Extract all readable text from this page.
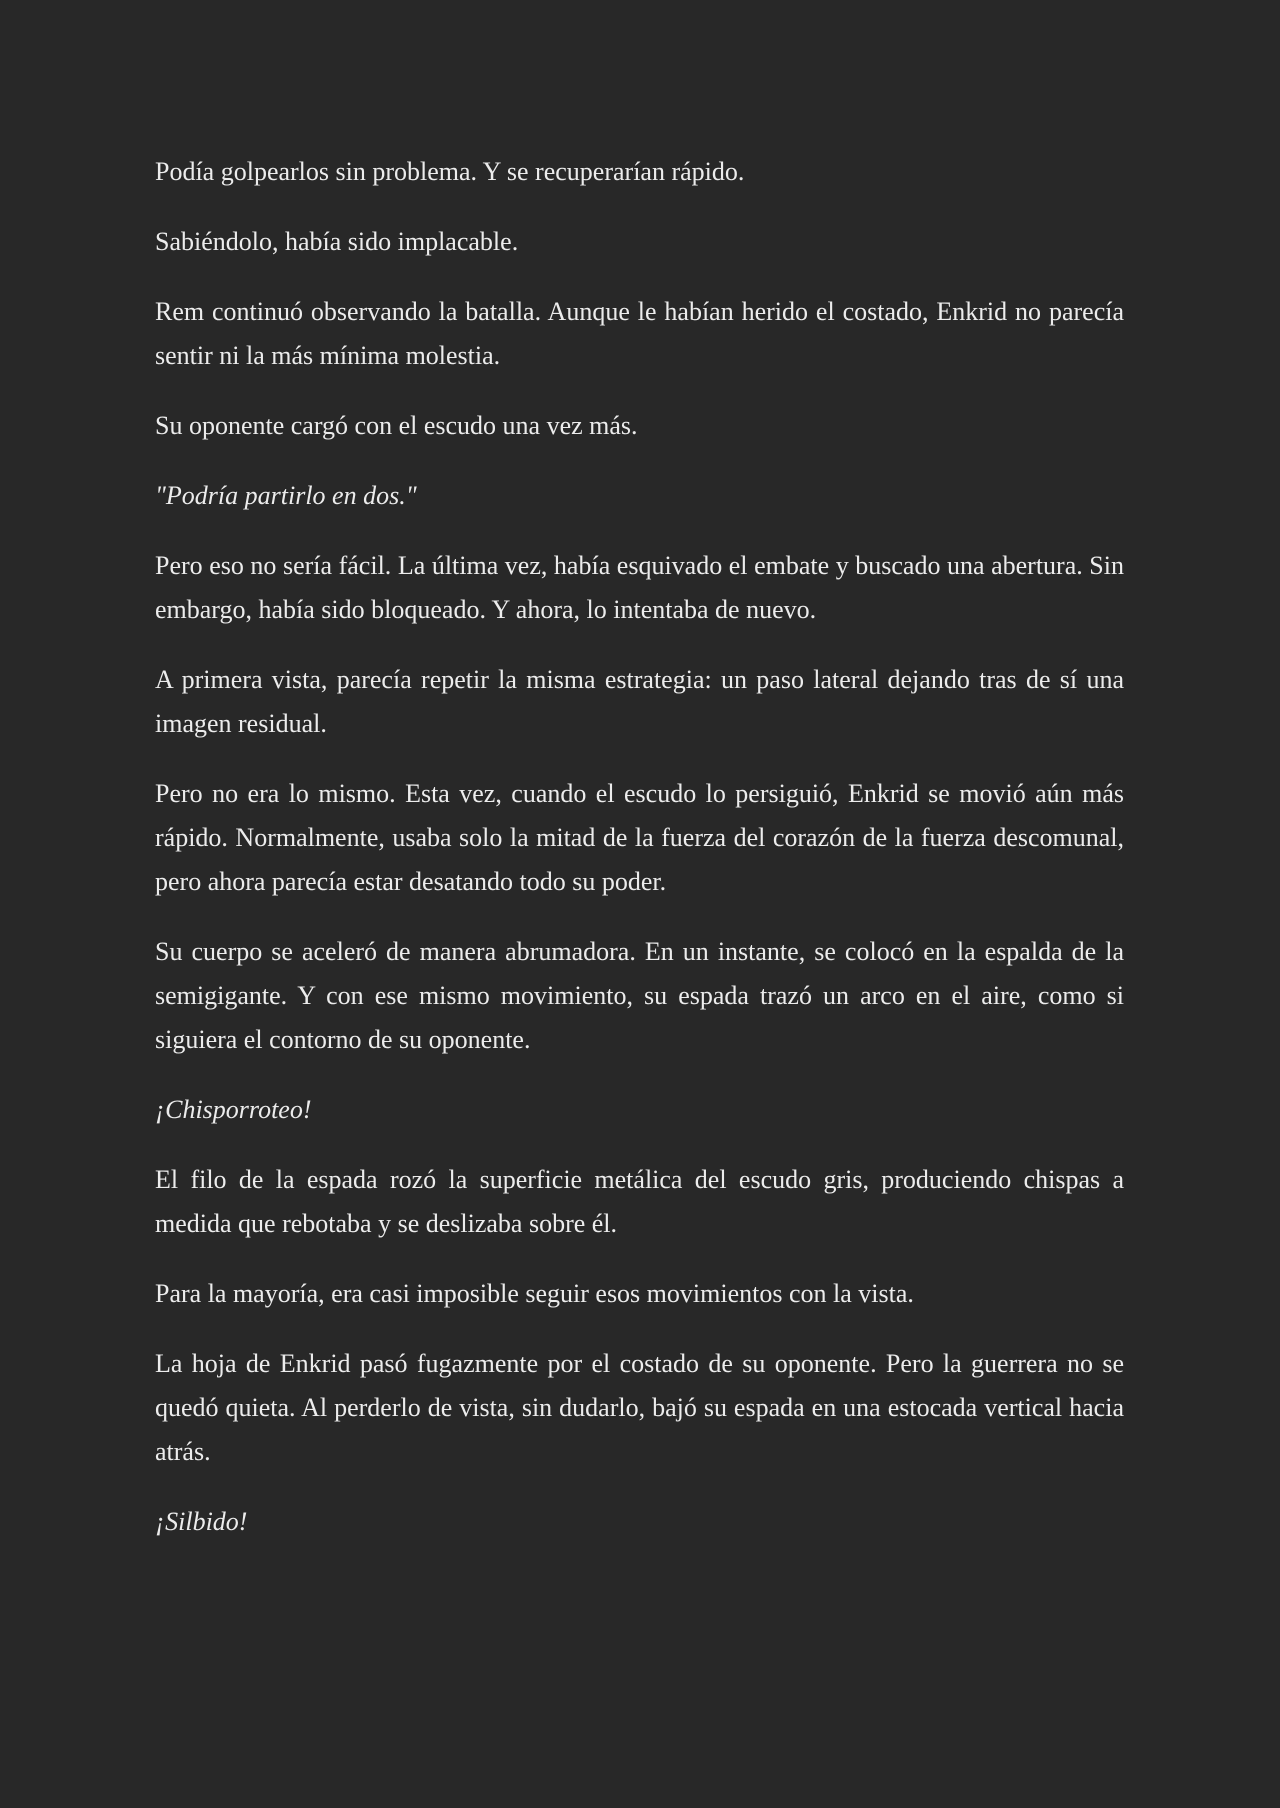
Podía golpearlos sin problema. Y se recuperarían rápido.

Sabiéndolo, había sido implacable.

Rem continuó observando la batalla. Aunque le habían herido el costado, Enkrid no parecía sentir ni la más mínima molestia.

Su oponente cargó con el escudo una vez más.

"Podría partirlo en dos."

Pero eso no sería fácil. La última vez, había esquivado el embate y buscado una abertura. Sin embargo, había sido bloqueado. Y ahora, lo intentaba de nuevo.

A primera vista, parecía repetir la misma estrategia: un paso lateral dejando tras de sí una imagen residual.

Pero no era lo mismo. Esta vez, cuando el escudo lo persiguió, Enkrid se movió aún más rápido. Normalmente, usaba solo la mitad de la fuerza del corazón de la fuerza descomunal, pero ahora parecía estar desatando todo su poder.

Su cuerpo se aceleró de manera abrumadora. En un instante, se colocó en la espalda de la semigigante. Y con ese mismo movimiento, su espada trazó un arco en el aire, como si siguiera el contorno de su oponente.

¡Chisporroteo!

El filo de la espada rozó la superficie metálica del escudo gris, produciendo chispas a medida que rebotaba y se deslizaba sobre él.

Para la mayoría, era casi imposible seguir esos movimientos con la vista.

La hoja de Enkrid pasó fugazmente por el costado de su oponente. Pero la guerrera no se quedó quieta. Al perderlo de vista, sin dudarlo, bajó su espada en una estocada vertical hacia atrás.

¡Silbido!
